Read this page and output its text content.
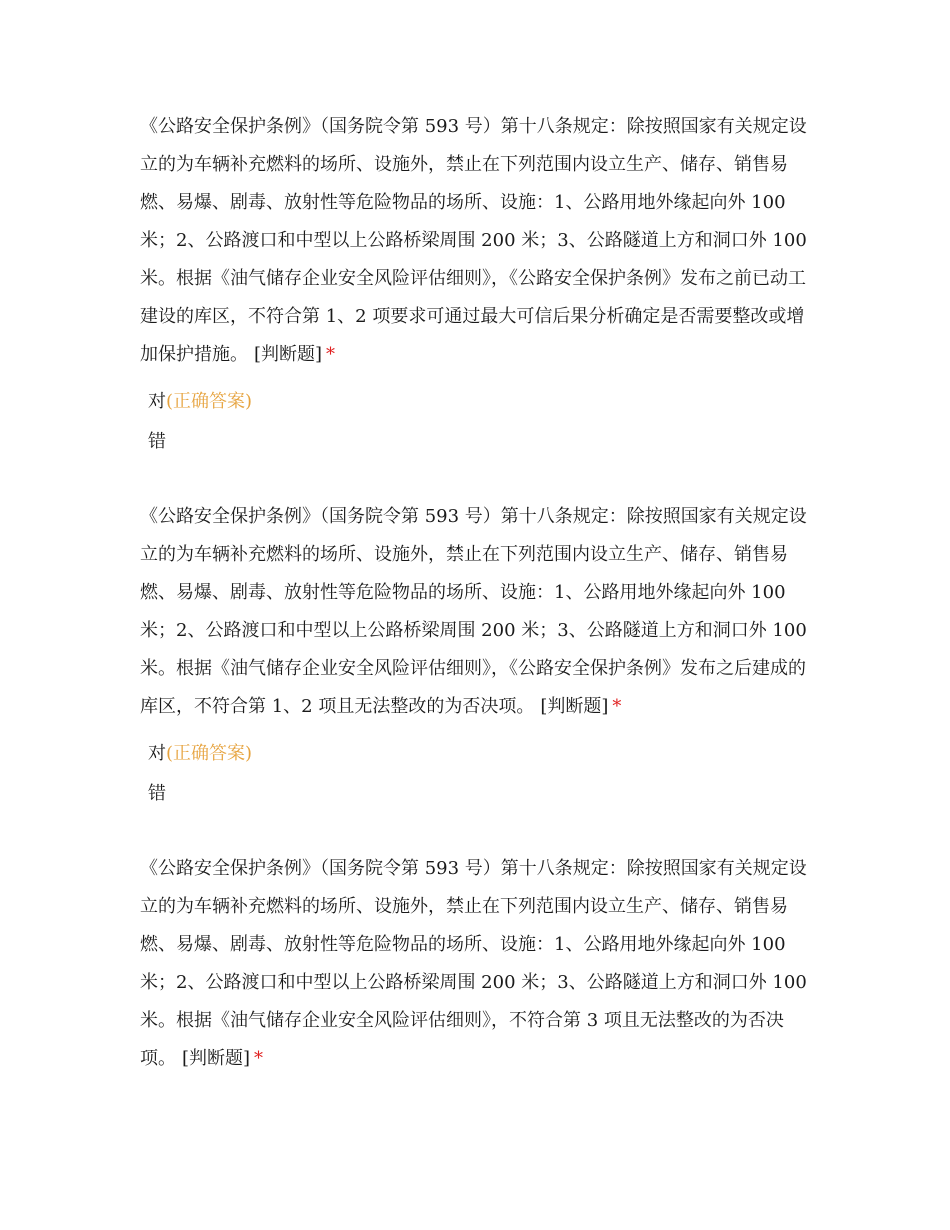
《公路安全保护条例》（国务院令第 593 号）第十八条规定：除按照国家有关规定设立的为车辆补充燃料的场所、设施外，禁止在下列范围内设立生产、储存、销售易燃、易爆、剧毒、放射性等危险物品的场所、设施：1、公路用地外缘起向外 100 米；2、公路渡口和中型以上公路桥梁周围 200 米；3、公路隧道上方和洞口外 100 米。根据《油气储存企业安全风险评估细则》，《公路安全保护条例》发布之前已动工建设的库区，不符合第 1、2 项要求可通过最大可信后果分析确定是否需要整改或增加保护措施。 [判断题] *

对(正确答案)

错

《公路安全保护条例》（国务院令第 593 号）第十八条规定：除按照国家有关规定设立的为车辆补充燃料的场所、设施外，禁止在下列范围内设立生产、储存、销售易燃、易爆、剧毒、放射性等危险物品的场所、设施：1、公路用地外缘起向外 100 米；2、公路渡口和中型以上公路桥梁周围 200 米；3、公路隧道上方和洞口外 100 米。根据《油气储存企业安全风险评估细则》，《公路安全保护条例》发布之后建成的库区，不符合第 1、2 项且无法整改的为否决项。 [判断题] *

对(正确答案)

错

《公路安全保护条例》（国务院令第 593 号）第十八条规定：除按照国家有关规定设立的为车辆补充燃料的场所、设施外，禁止在下列范围内设立生产、储存、销售易燃、易爆、剧毒、放射性等危险物品的场所、设施：1、公路用地外缘起向外 100 米；2、公路渡口和中型以上公路桥梁周围 200 米；3、公路隧道上方和洞口外 100 米。根据《油气储存企业安全风险评估细则》，不符合第 3 项且无法整改的为否决项。 [判断题] *
